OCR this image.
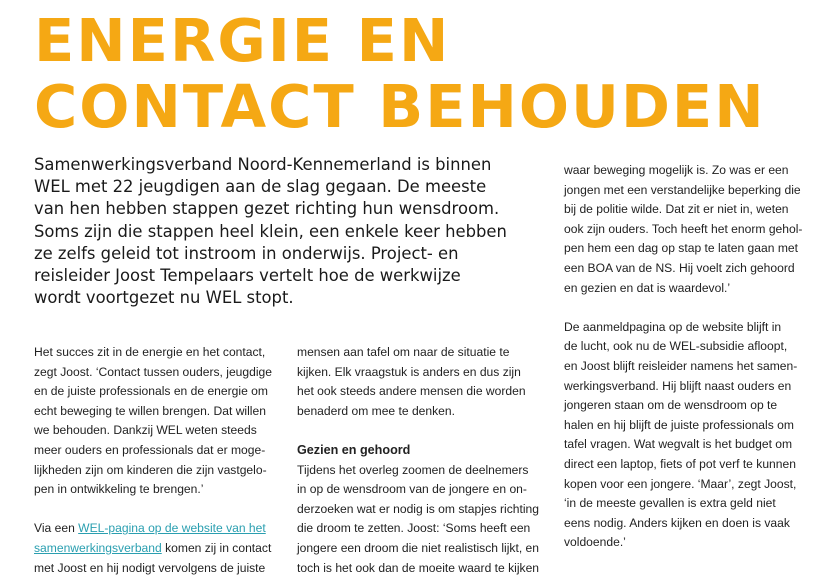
ENERGIE EN
CONTACT BEHOUDEN
Samenwerkingsverband Noord-Kennemerland is binnen
WEL met 22 jeugdigen aan de slag gegaan. De meeste
van hen hebben stappen gezet richting hun wensdroom.
Soms zijn die stappen heel klein, een enkele keer hebben
ze zelfs geleid tot instroom in onderwijs. Project- en
reisleider Joost Tempelaars vertelt hoe de werkwijze
wordt voortgezet nu WEL stopt.
Het succes zit in de energie en het contact,
zegt Joost. ‘Contact tussen ouders, jeugdige
en de juiste professionals en de energie om
echt beweging te willen brengen. Dat willen
we behouden. Dankzij WEL weten steeds
meer ouders en professionals dat er moge-
lijkheden zijn om kinderen die zijn vastgelo-
pen in ontwikkeling te brengen.’
Via een WEL-pagina op de website van het
samenwerkingsverband komen zij in contact
met Joost en hij nodigt vervolgens de juiste
mensen aan tafel om naar de situatie te
kijken. Elk vraagstuk is anders en dus zijn
het ook steeds andere mensen die worden
benaderd om mee te denken.
Gezien en gehoord
Tijdens het overleg zoomen de deelnemers
in op de wensdroom van de jongere en on-
derzoeken wat er nodig is om stapjes richting
die droom te zetten. Joost: ‘Soms heeft een
jongere een droom die niet realistisch lijkt, en
toch is het ook dan de moeite waard te kijken
waar beweging mogelijk is. Zo was er een
jongen met een verstandelijke beperking die
bij de politie wilde. Dat zit er niet in, weten
ook zijn ouders. Toch heeft het enorm gehol-
pen hem een dag op stap te laten gaan met
een BOA van de NS. Hij voelt zich gehoord
en gezien en dat is waardevol.’
De aanmeldpagina op de website blijft in
de lucht, ook nu de WEL-subsidie afloopt,
en Joost blijft reisleider namens het samen-
werkingsverband. Hij blijft naast ouders en
jongeren staan om de wensdroom op te
halen en hij blijft de juiste professionals om
tafel vragen. Wat wegvalt is het budget om
direct een laptop, fiets of pot verf te kunnen
kopen voor een jongere. ‘Maar’, zegt Joost,
‘in de meeste gevallen is extra geld niet
eens nodig. Anders kijken en doen is vaak
voldoende.’
